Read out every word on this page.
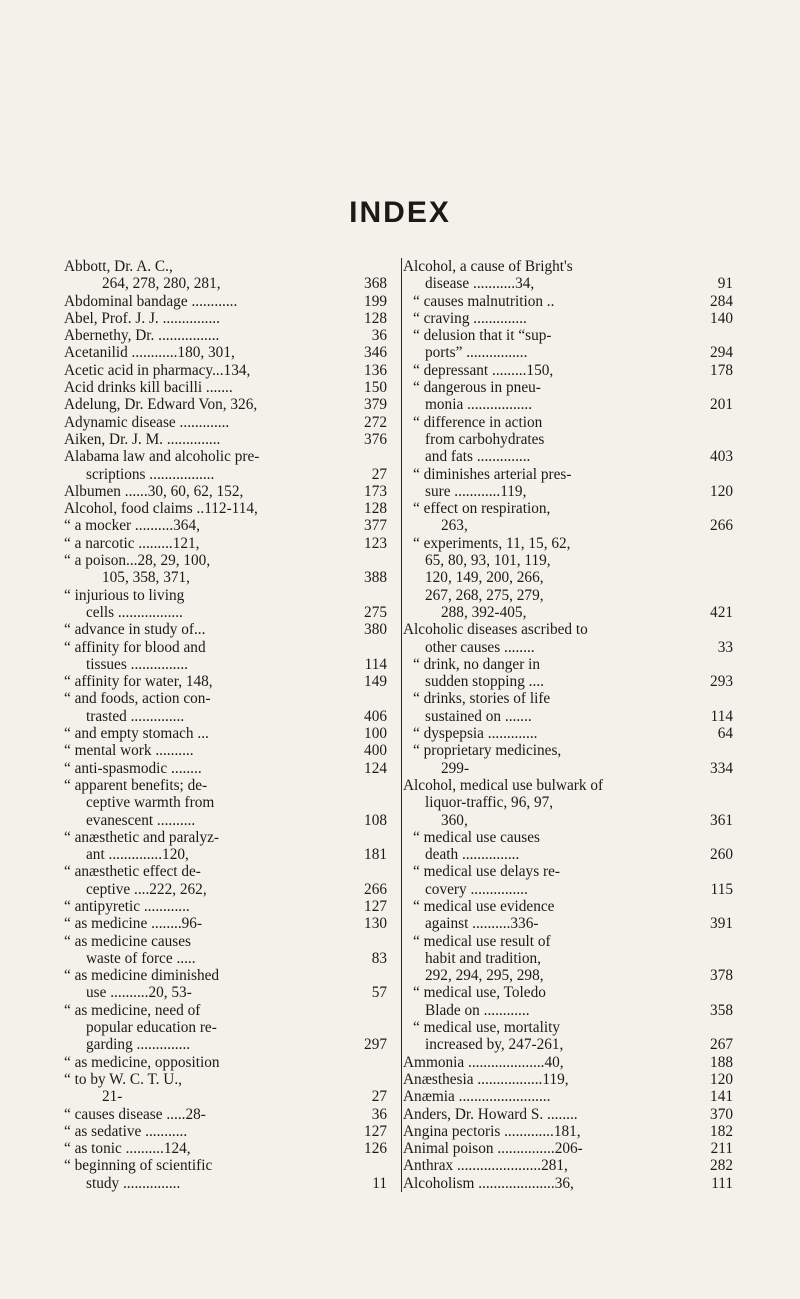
INDEX
Abbott, Dr. A. C.,
264, 278, 280, 281,	368
Abdominal bandage ............	199
Abel, Prof. J. J. ...............	128
Abernethy, Dr. ................	36
Acetanilid ............180, 301,	346
Acetic acid in pharmacy...134,	136
Acid drinks kill bacilli .......	150
Adelung, Dr. Edward Von, 326,	379
Adynamic disease .............	272
Aiken, Dr. J. M. ..............	376
Alabama law and alcoholic pre-
scriptions .................	27
Albumen ......30, 60, 62, 152,	173
Alcohol, food claims ..112-114,	128
“ a mocker ..........364,	377
“ a narcotic .........121,	123
“ a poison...28, 29, 100,
105, 358, 371,	388
“ injurious to living
cells .................	275
“ advance in study of...	380
“ affinity for blood and
tissues ...............	114
“ affinity for water, 148,	149
“ and foods, action con-
trasted ..............	406
“ and empty stomach ...	100
“ mental work ..........	400
“ anti-spasmodic ........	124
“ apparent benefits; de-
ceptive warmth from
evanescent ..........	108
“ anæsthetic and paralyz-
ant ..............120,	181
“ anæsthetic effect de-
ceptive ....222, 262,	266
“ antipyretic ............	127
“ as medicine ........96-	130
“ as medicine causes
waste of force .....	83
“ as medicine diminished
use ..........20, 53-	57
“ as medicine, need of
popular education re-
garding ..............	297
“ as medicine, opposition
“ to by W. C. T. U.,
21-	27
“ causes disease .....28-	36
“ as sedative ...........	127
“ as tonic ..........124,	126
“ beginning of scientific
study ...............	11
Alcohol, a cause of Bright's
disease ...........34,	91
“ causes malnutrition ..	284
“ craving ..............	140
“ delusion that it “sup-
ports” ................	294
“ depressant .........150,	178
“ dangerous in pneu-
monia .................	201
“ difference in action
from carbohydrates
and fats ..............	403
“ diminishes arterial pres-
sure ............119,	120
“ effect on respiration,
263,	266
“ experiments, 11, 15, 62,
65, 80, 93, 101, 119,
120, 149, 200, 266,
267, 268, 275, 279,
288, 392-405,	421
Alcoholic diseases ascribed to
other causes ........	33
“ drink, no danger in
sudden stopping ....	293
“ drinks, stories of life
sustained on .......	114
“ dyspepsia .............	64
“ proprietary medicines,
299-	334
Alcohol, medical use bulwark of
liquor-traffic, 96, 97,
360,	361
“ medical use causes
death ...............	260
“ medical use delays re-
covery ...............	115
“ medical use evidence
against ..........336-	391
“ medical use result of
habit and tradition,
292, 294, 295, 298,	378
“ medical use, Toledo
Blade on ............	358
“ medical use, mortality
increased by, 247-261,	267
Ammonia ....................40,	188
Anæsthesia .................119,	120
Anæmia ........................	141
Anders, Dr. Howard S. ........	370
Angina pectoris .............181,	182
Animal poison ...............206-	211
Anthrax ......................281,	282
Alcoholism ....................36,	111
